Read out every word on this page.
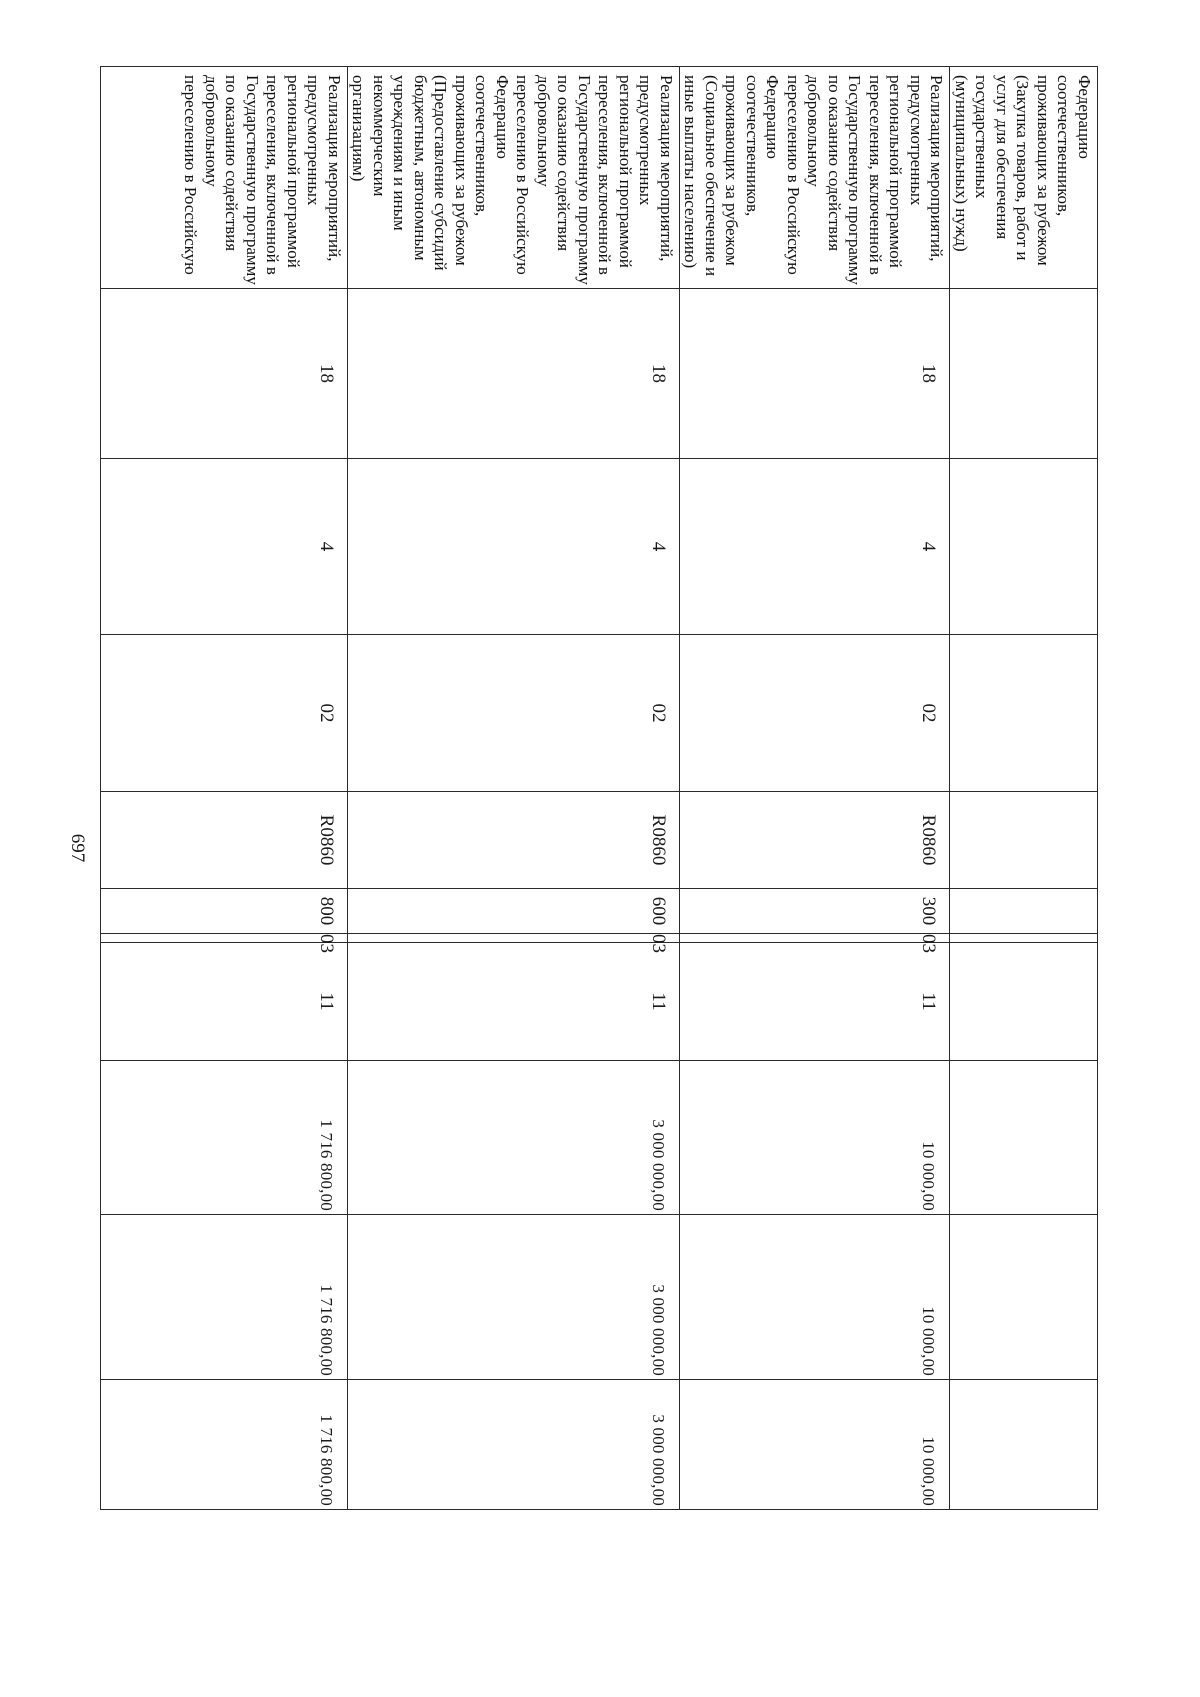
697
Федерацию соотечественников, проживающих за рубежом (Закупка товаров, работ и услуг для обеспечения государственных (муниципальных) нужд)										
Реализация мероприятий, предусмотренных региональной программой переселения, включенной в Государственную программу по оказанию содействия добровольному переселению в Российскую Федерацию соотечественников, проживающих за рубежом (Социальное обеспечение и иные выплаты населению)	18	4	02	R0860	300	03	11	10 000,00	10 000,00	10 000,00
Реализация мероприятий, предусмотренных региональной программой переселения, включенной в Государственную программу по оказанию содействия добровольному переселению в Российскую Федерацию соотечественников, проживающих за рубежом (Предоставление субсидий бюджетным, автономным учреждениям и иным некоммерческим организациям)	18	4	02	R0860	600	03	11	3 000 000,00	3 000 000,00	3 000 000,00
Реализация мероприятий, предусмотренных региональной программой переселения, включенной в Государственную программу по оказанию содействия добровольному переселению в Российскую	18	4	02	R0860	800	03	11	1 716 800,00	1 716 800,00	1 716 800,00
